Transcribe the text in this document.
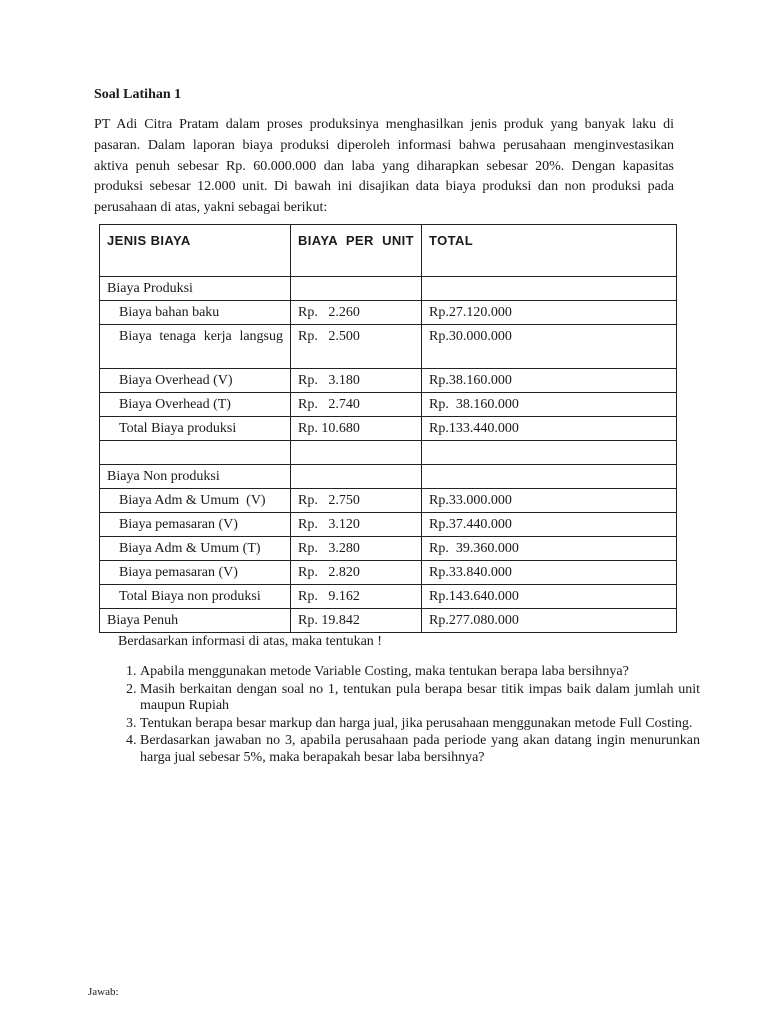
Soal Latihan 1

PT Adi Citra Pratam dalam proses produksinya menghasilkan jenis produk yang banyak laku di pasaran. Dalam laporan biaya produksi diperoleh informasi bahwa perusahaan menginvestasikan aktiva penuh sebesar Rp. 60.000.000 dan laba yang diharapkan sebesar 20%. Dengan kapasitas produksi sebesar 12.000 unit. Di bawah ini disajikan data biaya produksi dan non produksi pada perusahaan di atas, yakni sebagai berikut:

JENIS BIAYA	BIAYA PER UNIT	TOTAL
Biaya Produksi		
Biaya bahan baku	Rp.   2.260	Rp.27.120.000

Biaya tenaga kerja langsug	Rp.   2.500	Rp.30.000.000
Biaya Overhead (V)	Rp.   3.180	Rp.38.160.000
Biaya Overhead (T)	Rp.   2.740	Rp.  38.160.000
Total Biaya produksi	Rp. 10.680	Rp.133.440.000

Biaya Non produksi		
Biaya Adm & Umum  (V)	Rp.   2.750	Rp.33.000.000
Biaya pemasaran (V)	Rp.   3.120	Rp.37.440.000
Biaya Adm & Umum (T)	Rp.   3.280	Rp.  39.360.000
Biaya pemasaran (V)	Rp.   2.820	Rp.33.840.000
Total Biaya non produksi	Rp.   9.162	Rp.143.640.000
Biaya Penuh	Rp. 19.842	Rp.277.080.000
Berdasarkan informasi di atas, maka tentukan !
1. Apabila menggunakan metode Variable Costing, maka tentukan berapa laba bersihnya?
2. Masih berkaitan dengan soal no 1, tentukan pula berapa besar titik impas baik dalam jumlah unit maupun Rupiah
3. Tentukan berapa besar markup dan harga jual, jika perusahaan menggunakan metode Full Costing.
4. Berdasarkan jawaban no 3, apabila perusahaan pada periode yang akan datang ingin menurunkan harga jual sebesar 5%, maka berapakah besar laba bersihnya?
Jawab:
